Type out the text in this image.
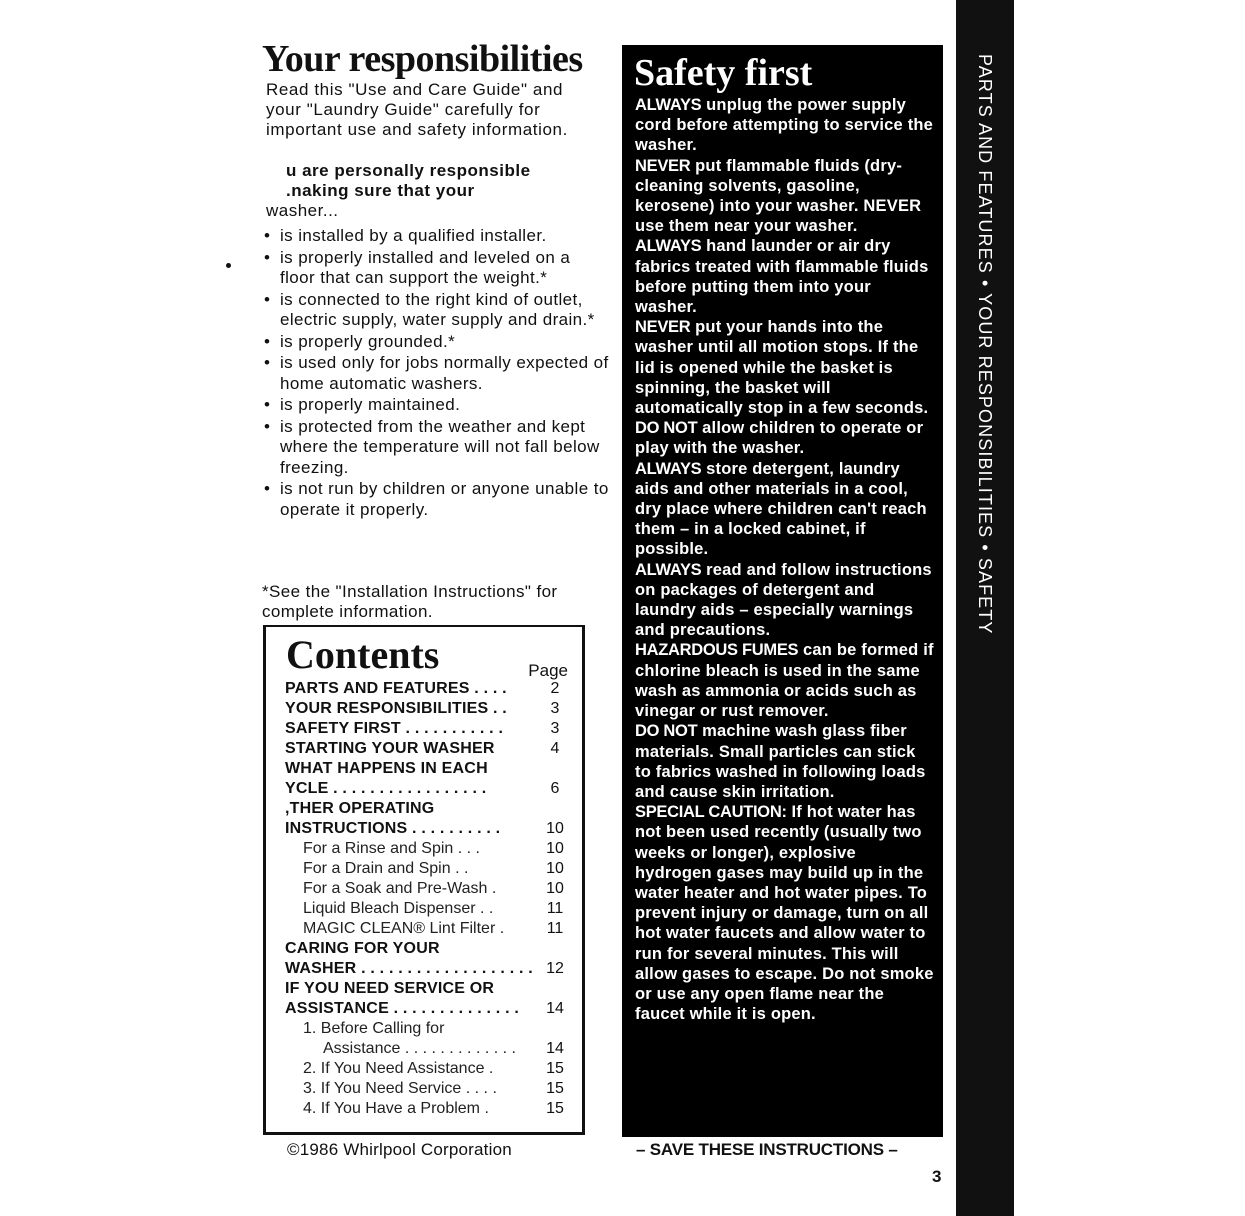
Your responsibilities
Read this "Use and Care Guide" and your "Laundry Guide" carefully for important use and safety information.
u are personally responsible
.naking sure that your
washer...
• is installed by a qualified installer.
• is properly installed and leveled on a floor that can support the weight.*
• is connected to the right kind of outlet, electric supply, water supply and drain.*
• is properly grounded.*
• is used only for jobs normally expected of home automatic washers.
• is properly maintained.
• is protected from the weather and kept where the temperature will not fall below freezing.
• is not run by children or anyone unable to operate it properly.
*See the "Installation Instructions" for complete information.
Contents	Page
PARTS AND FEATURES . . . .	2
YOUR RESPONSIBILITIES . .	3
SAFETY FIRST . . . . . . . . . . .	3
STARTING YOUR WASHER	4
WHAT HAPPENS IN EACH
YCLE . . . . . . . . . . . . . . . . .	6
,THER OPERATING
INSTRUCTIONS . . . . . . . . . .	10
For a Rinse and Spin . . .	10
For a Drain and Spin . .	10
For a Soak and Pre-Wash .	10
Liquid Bleach Dispenser . .	11
MAGIC CLEAN® Lint Filter .	11
CARING FOR YOUR
WASHER . . . . . . . . . . . . . . . . . . . 12
IF YOU NEED SERVICE OR
ASSISTANCE . . . . . . . . . . . . . .	14
1. Before Calling for
Assistance . . . . . . . . . . . . .	14
2. If You Need Assistance .	15
3. If You Need Service . . . .	15
4. If You Have a Problem .	15
©1986 Whirlpool Corporation
Safety first

ALWAYS unplug the power supply cord before attempting to service the washer.

NEVER put flammable fluids (dry-cleaning solvents, gasoline, kerosene) into your washer. NEVER use them near your washer.

ALWAYS hand launder or air dry fabrics treated with flammable fluids before putting them into your washer.

NEVER put your hands into the washer until all motion stops. If the lid is opened while the basket is spinning, the basket will automatically stop in a few seconds.

DO NOT allow children to operate or play with the washer.

ALWAYS store detergent, laundry aids and other materials in a cool, dry place where children can't reach them – in a locked cabinet, if possible.

ALWAYS read and follow instructions on packages of detergent and laundry aids – especially warnings and precautions.

HAZARDOUS FUMES can be formed if chlorine bleach is used in the same wash as ammonia or acids such as vinegar or rust remover.

DO NOT machine wash glass fiber materials. Small particles can stick to fabrics washed in following loads and cause skin irritation.

SPECIAL CAUTION: If hot water has not been used recently (usually two weeks or longer), explosive hydrogen gases may build up in the water heater and hot water pipes. To prevent injury or damage, turn on all hot water faucets and allow water to run for several minutes. This will allow gases to escape. Do not smoke or use any open flame near the faucet while it is open.

– SAVE THESE INSTRUCTIONS –
3
PARTS AND FEATURES • YOUR RESPONSIBILITIES • SAFETY
